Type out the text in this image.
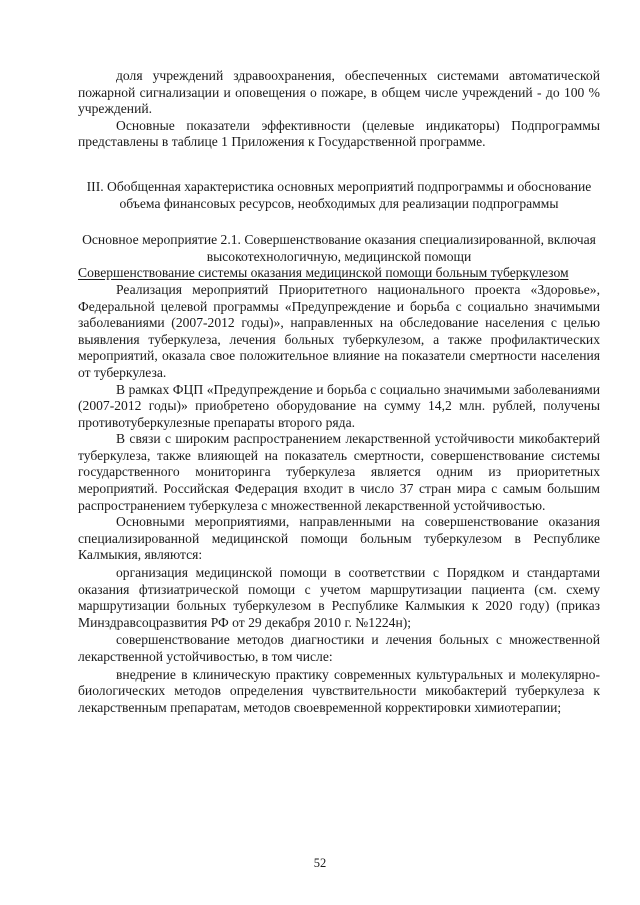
доля учреждений здравоохранения, обеспеченных системами автоматической пожарной сигнализации и оповещения о пожаре, в общем числе учреждений - до 100 % учреждений.

Основные показатели эффективности (целевые индикаторы) Подпрограммы представлены в таблице 1 Приложения к Государственной программе.

III. Обобщенная характеристика основных мероприятий подпрограммы и обоснование объема финансовых ресурсов, необходимых для реализации подпрограммы

Основное мероприятие 2.1. Совершенствование оказания специализированной, включая высокотехнологичную, медицинской помощи

Совершенствование системы оказания медицинской помощи больным туберкулезом

Реализация мероприятий Приоритетного национального проекта «Здоровье», Федеральной целевой программы «Предупреждение и борьба с социально значимыми заболеваниями (2007-2012 годы)», направленных на обследование населения с целью выявления туберкулеза, лечения больных туберкулезом, а также профилактических мероприятий, оказала свое положительное влияние на показатели смертности населения от туберкулеза.

В рамках ФЦП «Предупреждение и борьба с социально значимыми заболеваниями (2007-2012 годы)» приобретено оборудование на сумму 14,2 млн. рублей, получены противотуберкулезные препараты второго ряда.

В связи с широким распространением лекарственной устойчивости микобактерий туберкулеза, также влияющей на показатель смертности, совершенствование системы государственного мониторинга туберкулеза является одним из приоритетных мероприятий. Российская Федерация входит в число 37 стран мира с самым большим распространением туберкулеза с множественной лекарственной устойчивостью.

Основными мероприятиями, направленными на совершенствование оказания специализированной медицинской помощи больным туберкулезом в Республике Калмыкия, являются:

организация медицинской помощи в соответствии с Порядком и стандартами оказания фтизиатрической помощи с учетом маршрутизации пациента (см. схему маршрутизации больных туберкулезом в Республике Калмыкия к 2020 году) (приказ Минздравсоцразвития РФ от 29 декабря 2010 г. №1224н);

совершенствование методов диагностики и лечения больных с множественной лекарственной устойчивостью, в том числе:

внедрение в клиническую практику современных культуральных и молекулярно-биологических методов определения чувствительности микобактерий туберкулеза к лекарственным препаратам, методов своевременной корректировки химиотерапии;

52
